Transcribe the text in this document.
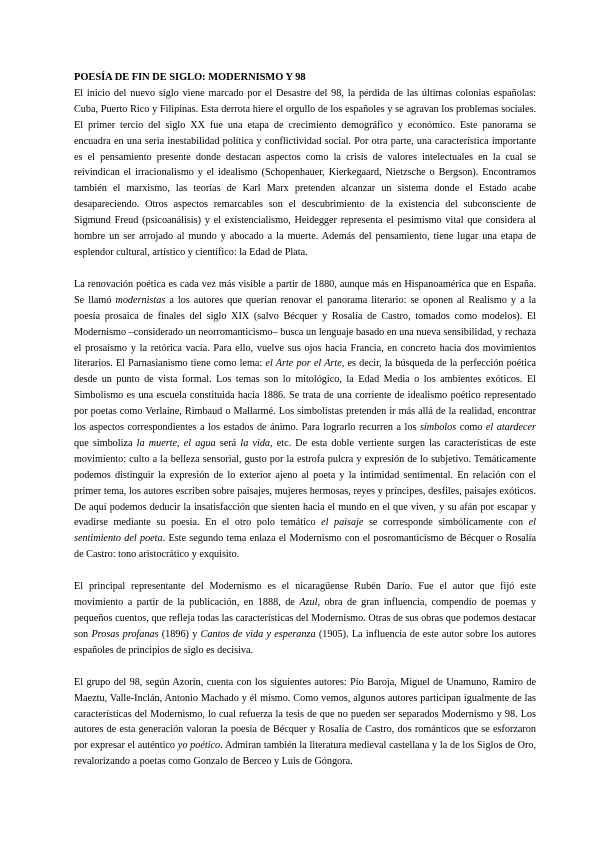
POESÍA DE FIN DE SIGLO: MODERNISMO Y 98

El inicio del nuevo siglo viene marcado por el Desastre del 98, la pérdida de las últimas colonias españolas: Cuba, Puerto Rico y Filipinas. Esta derrota hiere el orgullo de los españoles y se agravan los problemas sociales. El primer tercio del siglo XX fue una etapa de crecimiento demográfico y económico. Este panorama se encuadra en una seria inestabilidad política y conflictividad social. Por otra parte, una característica importante es el pensamiento presente donde destacan aspectos como la crisis de valores intelectuales en la cual se reivindican el irracionalismo y el idealismo (Schopenhauer, Kierkegaard, Nietzsche o Bergson). Encontramos también el marxismo, las teorías de Karl Marx pretenden alcanzar un sistema donde el Estado acabe desapareciendo. Otros aspectos remarcables son el descubrimiento de la existencia del subconsciente de Sigmund Freud (psicoanálisis) y el existencialismo, Heidegger representa el pesimismo vital que considera al hombre un ser arrojado al mundo y abocado a la muerte. Además del pensamiento, tiene lugar una etapa de esplendor cultural, artístico y científico: la Edad de Plata.

La renovación poética es cada vez más visible a partir de 1880, aunque más en Hispanoamérica que en España. Se llamó modernistas a los autores que querían renovar el panorama literario: se oponen al Realismo y a la poesía prosaica de finales del siglo XIX (salvo Bécquer y Rosalía de Castro, tomados como modelos). El Modernismo –considerado un neorromanticismo– busca un lenguaje basado en una nueva sensibilidad, y rechaza el prosaísmo y la retórica vacía. Para ello, vuelve sus ojos hacia Francia, en concreto hacia dos movimientos literarios. El Parnasianismo tiene como lema: el Arte por el Arte, es decir, la búsqueda de la perfección poética desde un punto de vista formal. Los temas son lo mitológico, la Edad Media o los ambientes exóticos. El Simbolismo es una escuela constituida hacia 1886. Se trata de una corriente de idealismo poético representado por poetas como Verlaine, Rimbaud o Mallarmé. Los simbolistas pretenden ir más allá de la realidad, encontrar los aspectos correspondientes a los estados de ánimo. Para lograrlo recurren a los símbolos como el atardecer que simboliza la muerte, el agua será la vida, etc. De esta doble vertiente surgen las características de este movimiento: culto a la belleza sensorial, gusto por la estrofa pulcra y expresión de lo subjetivo. Temáticamente podemos distinguir la expresión de lo exterior ajeno al poeta y la intimidad sentimental. En relación con el primer tema, los autores escriben sobre paisajes, mujeres hermosas, reyes y príncipes, desfiles, paisajes exóticos. De aquí podemos deducir la insatisfacción que sienten hacia el mundo en el que viven, y su afán por escapar y evadirse mediante su poesía. En el otro polo temático el paisaje se corresponde simbólicamente con el sentimiento del poeta. Este segundo tema enlaza el Modernismo con el posromanticismo de Bécquer o Rosalía de Castro: tono aristocrático y exquisito.

El principal representante del Modernismo es el nicaragüense Rubén Darío. Fue el autor que fijó este movimiento a partir de la publicación, en 1888, de Azul, obra de gran influencia, compendio de poemas y pequeños cuentos, que refleja todas las características del Modernismo. Otras de sus obras que podemos destacar son Prosas profanas (1896) y Cantos de vida y esperanza (1905). La influencia de este autor sobre los autores españoles de principios de siglo es decisiva.

El grupo del 98, según Azorín, cuenta con los siguientes autores: Pío Baroja, Miguel de Unamuno, Ramiro de Maeztu, Valle-Inclán, Antonio Machado y él mismo. Como vemos, algunos autores participan igualmente de las características del Modernismo, lo cual refuerza la tesis de que no pueden ser separados Modernismo y 98. Los autores de esta generación valoran la poesía de Bécquer y Rosalía de Castro, dos románticos que se esforzaron por expresar el auténtico yo poético. Admiran también la literatura medieval castellana y la de los Siglos de Oro, revalorizando a poetas como Gonzalo de Berceo y Luis de Góngora.
